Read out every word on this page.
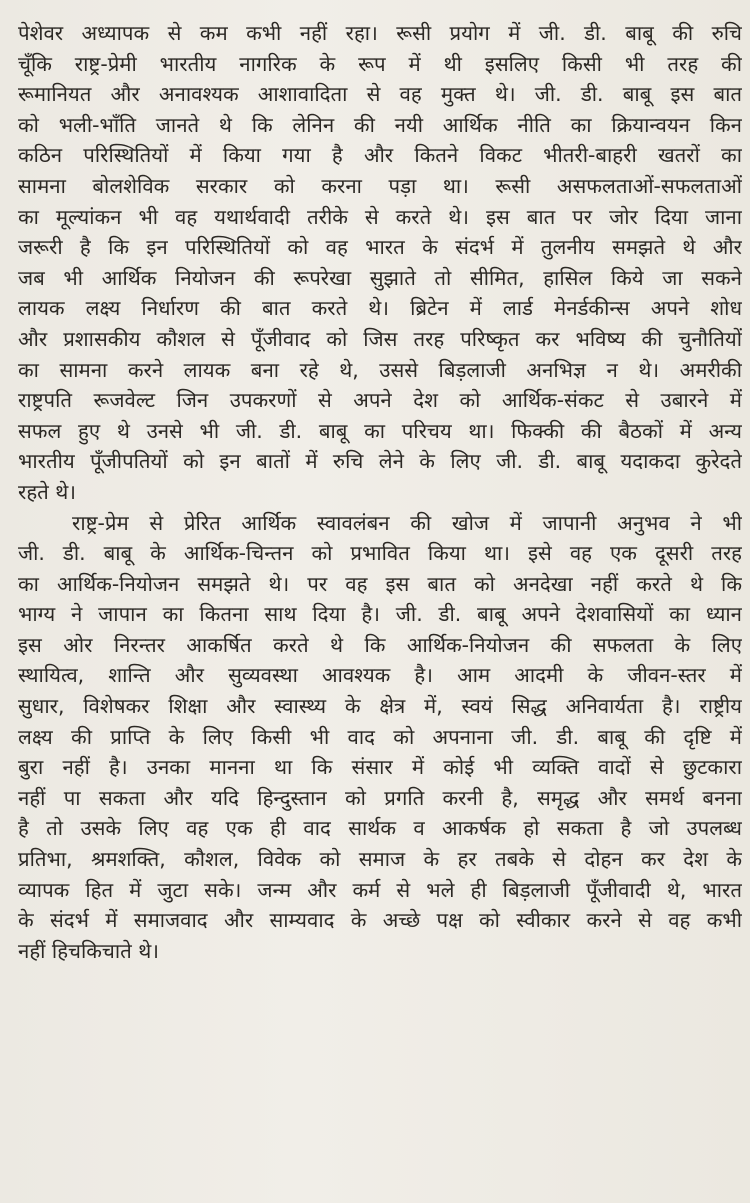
पेशेवर अध्यापक से कम कभी नहीं रहा। रूसी प्रयोग में जी. डी. बाबू की रुचि
चूँकि राष्ट्र-प्रेमी भारतीय नागरिक के रूप में थी इसलिए किसी भी तरह की
रूमानियत और अनावश्यक आशावादिता से वह मुक्त थे। जी. डी. बाबू इस बात
को भली-भाँति जानते थे कि लेनिन की नयी आर्थिक नीति का क्रियान्वयन किन
कठिन परिस्थितियों में किया गया है और कितने विकट भीतरी-बाहरी खतरों का
सामना बोलशेविक सरकार को करना पड़ा था। रूसी असफलताओं-सफलताओं
का मूल्यांकन भी वह यथार्थवादी तरीके से करते थे। इस बात पर जोर दिया जाना
जरूरी है कि इन परिस्थितियों को वह भारत के संदर्भ में तुलनीय समझते थे और
जब भी आर्थिक नियोजन की रूपरेखा सुझाते तो सीमित, हासिल किये जा सकने
लायक लक्ष्य निर्धारण की बात करते थे। ब्रिटेन में लार्ड मेनर्डकीन्स अपने शोध
और प्रशासकीय कौशल से पूँजीवाद को जिस तरह परिष्कृत कर भविष्य की चुनौतियों
का सामना करने लायक बना रहे थे, उससे बिड़लाजी अनभिज्ञ न थे। अमरीकी
राष्ट्रपति रूजवेल्ट जिन उपकरणों से अपने देश को आर्थिक-संकट से उबारने में
सफल हुए थे उनसे भी जी. डी. बाबू का परिचय था। फिक्की की बैठकों में अन्य
भारतीय पूँजीपतियों को इन बातों में रुचि लेने के लिए जी. डी. बाबू यदाकदा कुरेदते
रहते थे।
राष्ट्र-प्रेम से प्रेरित आर्थिक स्वावलंबन की खोज में जापानी अनुभव ने भी
जी. डी. बाबू के आर्थिक-चिन्तन को प्रभावित किया था। इसे वह एक दूसरी तरह
का आर्थिक-नियोजन समझते थे। पर वह इस बात को अनदेखा नहीं करते थे कि
भाग्य ने जापान का कितना साथ दिया है। जी. डी. बाबू अपने देशवासियों का ध्यान
इस ओर निरन्तर आकर्षित करते थे कि आर्थिक-नियोजन की सफलता के लिए
स्थायित्व, शान्ति और सुव्यवस्था आवश्यक है। आम आदमी के जीवन-स्तर में
सुधार, विशेषकर शिक्षा और स्वास्थ्य के क्षेत्र में, स्वयं सिद्ध अनिवार्यता है। राष्ट्रीय
लक्ष्य की प्राप्ति के लिए किसी भी वाद को अपनाना जी. डी. बाबू की दृष्टि में
बुरा नहीं है। उनका मानना था कि संसार में कोई भी व्यक्ति वादों से छुटकारा
नहीं पा सकता और यदि हिन्दुस्तान को प्रगति करनी है, समृद्ध और समर्थ बनना
है तो उसके लिए वह एक ही वाद सार्थक व आकर्षक हो सकता है जो उपलब्ध
प्रतिभा, श्रमशक्ति, कौशल, विवेक को समाज के हर तबके से दोहन कर देश के
व्यापक हित में जुटा सके। जन्म और कर्म से भले ही बिड़लाजी पूँजीवादी थे, भारत
के संदर्भ में समाजवाद और साम्यवाद के अच्छे पक्ष को स्वीकार करने से वह कभी
नहीं हिचकिचाते थे।
